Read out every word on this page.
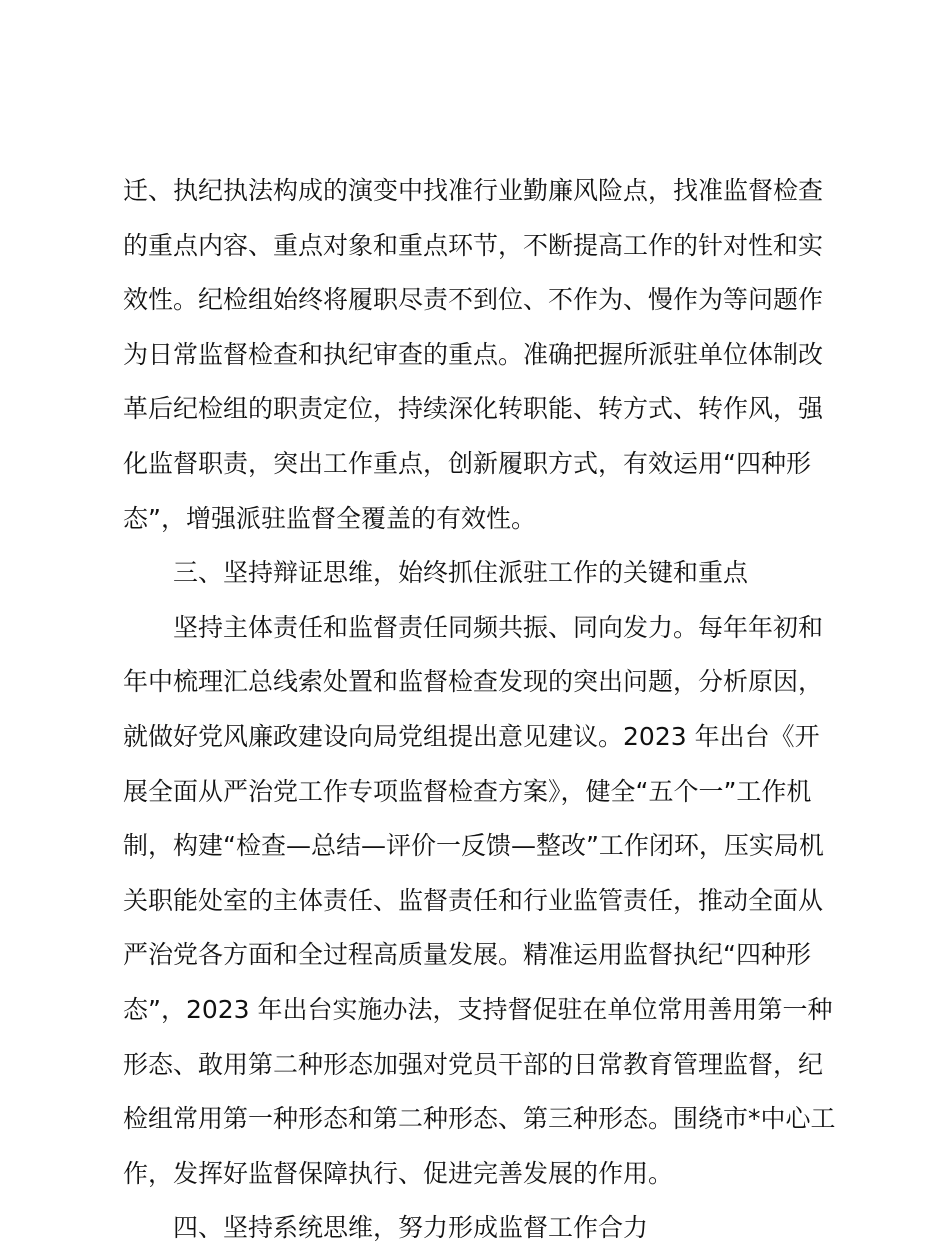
迁、执纪执法构成的演变中找准行业勤廉风险点，找准监督检查
的重点内容、重点对象和重点环节，不断提高工作的针对性和实
效性。纪检组始终将履职尽责不到位、不作为、慢作为等问题作
为日常监督检查和执纪审查的重点。准确把握所派驻单位体制改
革后纪检组的职责定位，持续深化转职能、转方式、转作风，强
化监督职责，突出工作重点，创新履职方式，有效运用“四种形
态”，增强派驻监督全覆盖的有效性。
三、坚持辩证思维，始终抓住派驻工作的关键和重点
坚持主体责任和监督责任同频共振、同向发力。每年年初和
年中梳理汇总线索处置和监督检查发现的突出问题，分析原因，
就做好党风廉政建设向局党组提出意见建议。2023 年出台《开
展全面从严治党工作专项监督检查方案》，健全“五个一”工作机
制，构建“检查—总结—评价一反馈—整改”工作闭环，压实局机
关职能处室的主体责任、监督责任和行业监管责任，推动全面从
严治党各方面和全过程高质量发展。精准运用监督执纪“四种形
态”，2023 年出台实施办法，支持督促驻在单位常用善用第一种
形态、敢用第二种形态加强对党员干部的日常教育管理监督，纪
检组常用第一种形态和第二种形态、第三种形态。围绕市*中心工
作，发挥好监督保障执行、促进完善发展的作用。
四、坚持系统思维，努力形成监督工作合力
